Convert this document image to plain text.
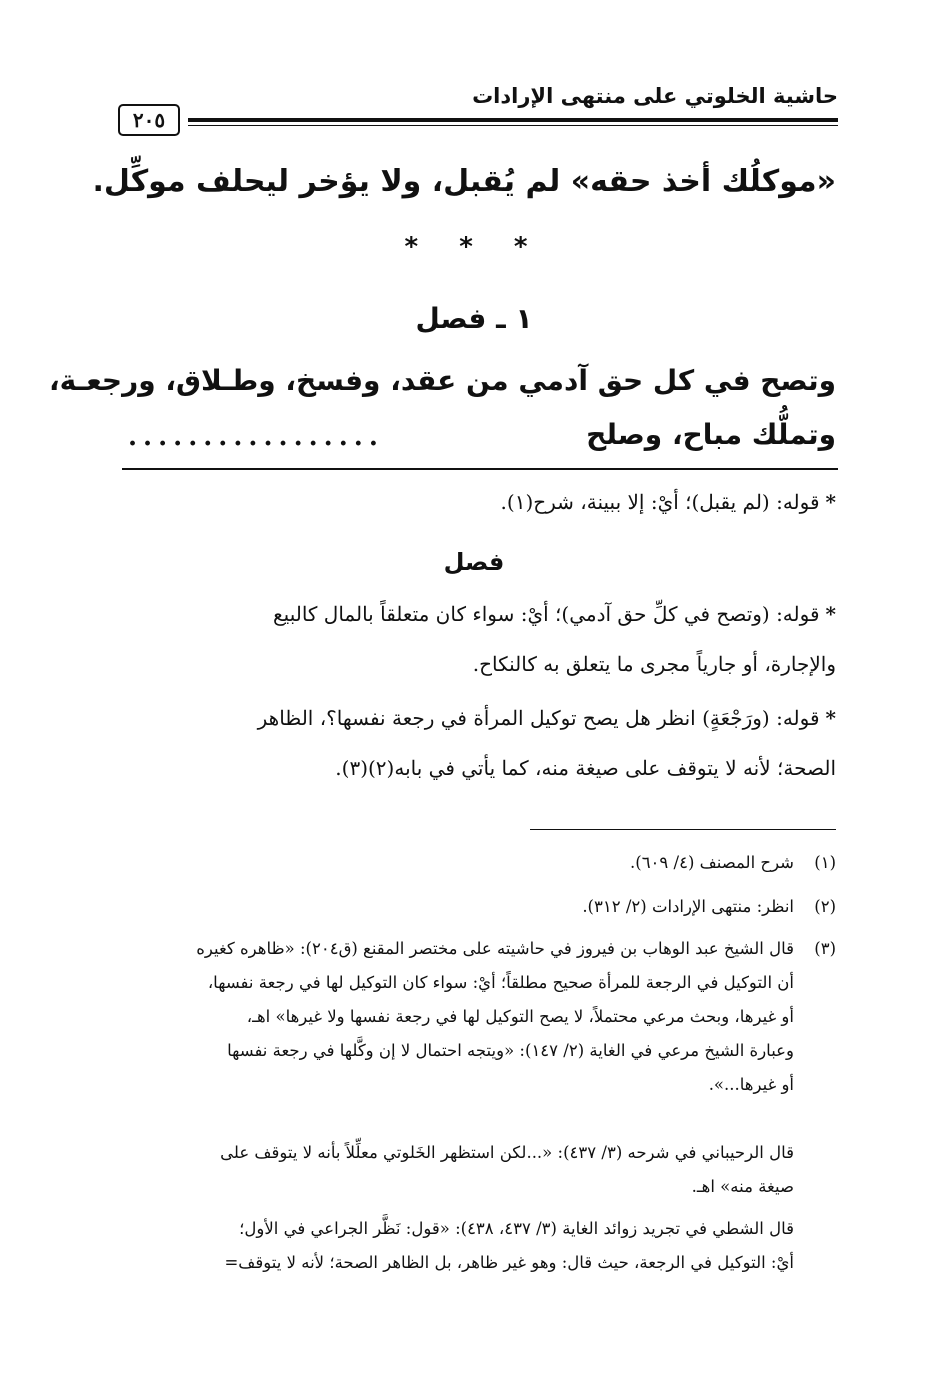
حاشية الخلوتي على منتهى الإرادات
٢٠٥
«موكلُك أخذ حقه» لم يُقبل، ولا يؤخر ليحلف موكِّل.
* * *
١ ـ فصل
وتصح في كل حق آدمي من عقد، وفسخ، وطـلاق، ورجعـة،
وتملُّك مباح، وصلح
.................
*قوله: (لم يقبل)؛ أيْ: إلا ببينة، شرح(١).
فصل
*قوله: (وتصح في كلِّ حق آدمي)؛ أيْ: سواء كان متعلقاً بالمال كالبيع
والإجارة، أو جارياً مجرى ما يتعلق به كالنكاح.
*قوله: (ورَجْعَةٍ) انظر هل يصح توكيل المرأة في رجعة نفسها؟، الظاهر
الصحة؛ لأنه لا يتوقف على صيغة منه، كما يأتي في بابه(٢)(٣).
(١)
شرح المصنف (٤/ ٦٠٩).
(٢)
انظر: منتهى الإرادات (٢/ ٣١٢).
(٣)
قال الشيخ عبد الوهاب بن فيروز في حاشيته على مختصر المقنع (ق٢٠٤): «ظاهره كغيره
أن التوكيل في الرجعة للمرأة صحيح مطلقاً؛ أيْ: سواء كان التوكيل لها في رجعة نفسها،
أو غيرها، وبحث مرعي محتملاً، لا يصح التوكيل لها في رجعة نفسها ولا غيرها» اهـ،
وعبارة الشيخ مرعي في الغاية (٢/ ١٤٧): «ويتجه احتمال لا إن وكَّلها في رجعة نفسها
أو غيرها...».
قال الرحيباني في شرحه (٣/ ٤٣٧): «...لكن استظهر الخَلوتي معلِّلاً بأنه لا يتوقف على
صيغة منه» اهـ.
قال الشطي في تجريد زوائد الغاية (٣/ ٤٣٧، ٤٣٨): «قول: نَظَّر الجراعي في الأول؛
أيْ: التوكيل في الرجعة، حيث قال: وهو غير ظاهر، بل الظاهر الصحة؛ لأنه لا يتوقف=
